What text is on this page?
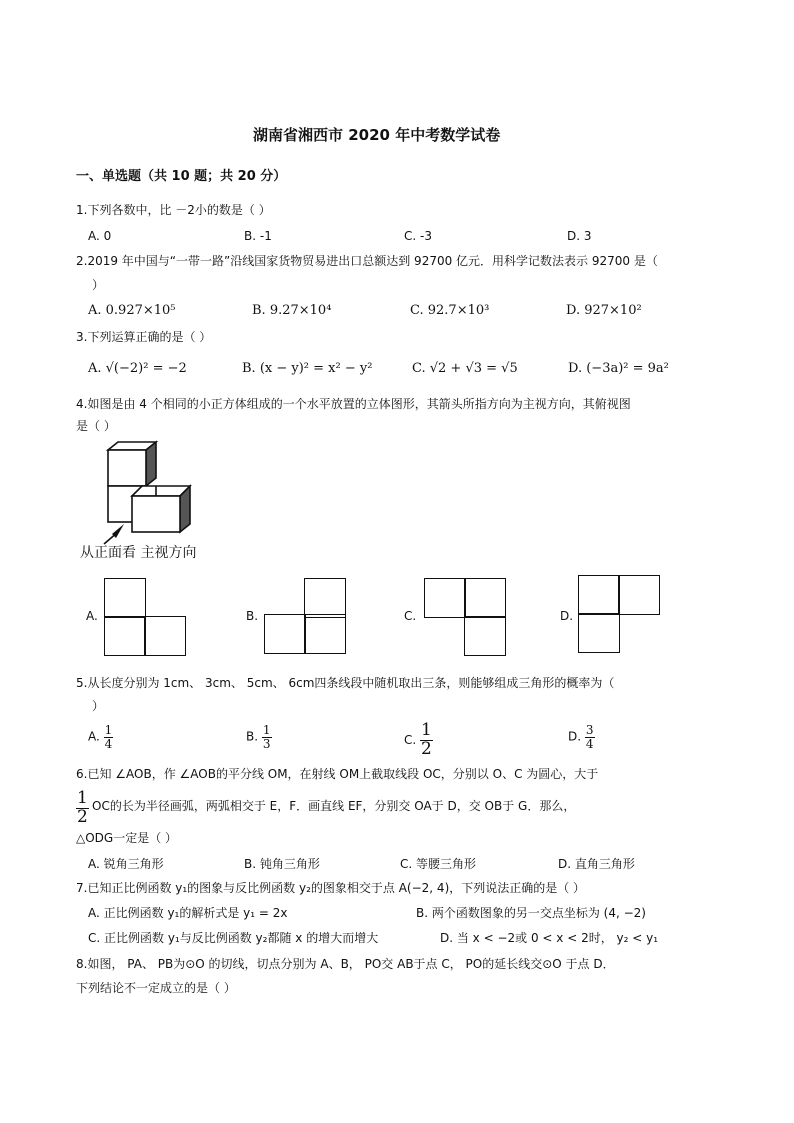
湖南省湘西市 2020 年中考数学试卷
一、单选题（共 10 题；共 20 分）
1.下列各数中，比 －2小的数是（ ）
A. 0	B. -1	C. -3	D. 3
2.2019 年中国与“一带一路”沿线国家货物贸易进出口总额达到 92700 亿元．用科学记数法表示 92700 是（
）
A. 0.927×10⁵	B. 9.27×10⁴	C. 92.7×10³	D. 927×10²
3.下列运算正确的是（ ）
A. √(−2)² = −2	B. (x − y)² = x² − y²	C. √2 + √3 = √5	D. (−3a)² = 9a²
4.如图是由 4 个相同的小正方体组成的一个水平放置的立体图形，其箭头所指方向为主视方向，其俯视图
是（ ）
从正面看 主视方向
A.	B.	C.	D.
5.从长度分别为 1cm、 3cm、 5cm、 6cm四条线段中随机取出三条，则能够组成三角形的概率为（
）
A. $\frac{1}{4}$	B. $\frac{1}{3}$	C. $\frac{1}{2}$	D. $\frac{3}{4}$
6.已知 ∠AOB，作 ∠AOB的平分线 OM，在射线 OM上截取线段 OC，分别以 O、C 为圆心，大于
$\frac{1}{2}$ OC的长为半径画弧，两弧相交于 E，F．画直线 EF，分别交 OA于 D，交 OB于 G．那么，
△ODG一定是（ ）
A. 锐角三角形	B. 钝角三角形	C. 等腰三角形	D. 直角三角形
7.已知正比例函数 y₁的图象与反比例函数 y₂的图象相交于点 A(−2, 4)，下列说法正确的是（ ）
A. 正比例函数 y₁的解析式是 y₁ = 2x	B. 两个函数图象的另一交点坐标为 (4, −2)
C. 正比例函数 y₁与反比例函数 y₂都随 x 的增大而增大	D. 当 x < −2或 0 < x < 2时， y₂ < y₁
8.如图， PA、 PB为⊙O 的切线，切点分别为 A、B， PO交 AB于点 C， PO的延长线交⊙O 于点 D．
下列结论不一定成立的是（ ）
